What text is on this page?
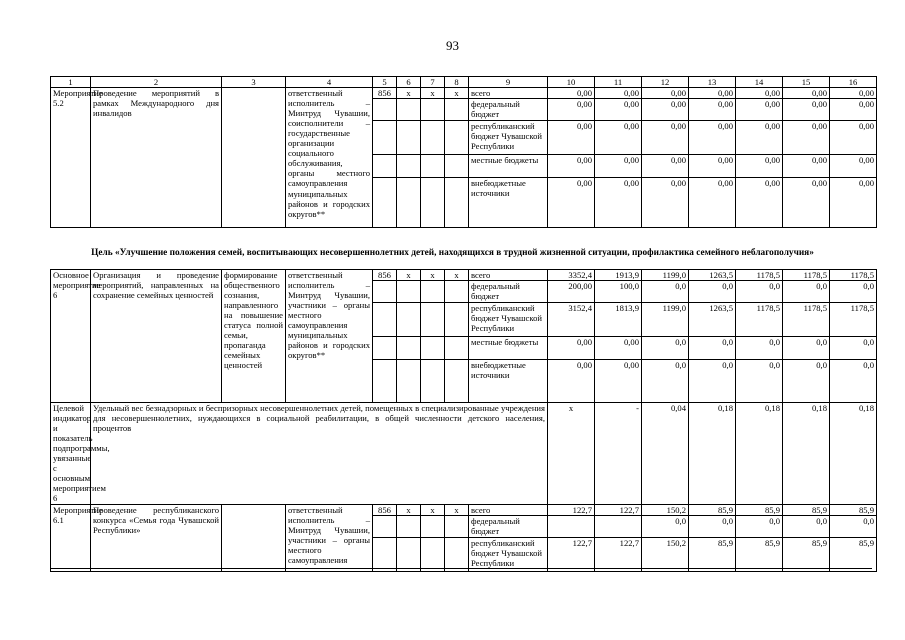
93
1	2	3	4	5	6	7	8	9	10	11	12	13	14	15	16
Мероприятие 5.2	Проведение мероприятий в рамках Международного дня инвалидов		ответственный исполнитель – Минтруд Чувашии, соисполнители – государственные организации социального обслуживания, органы местного самоуправления муниципальных районов и городских округов**	856	x	x	x	всего	0,00	0,00	0,00	0,00	0,00	0,00	0,00
								федеральный бюджет	0,00	0,00	0,00	0,00	0,00	0,00	0,00
								республиканский бюджет Чувашской Республики	0,00	0,00	0,00	0,00	0,00	0,00	0,00
								местные бюджеты	0,00	0,00	0,00	0,00	0,00	0,00	0,00
								внебюджетные источники	0,00	0,00	0,00	0,00	0,00	0,00	0,00
Цель «Улучшение положения семей, воспитывающих несовершеннолетних детей, находящихся в трудной жизненной ситуации, профилактика семейного неблагополучия»
Основное мероприятие 6	Организация и проведение мероприятий, направленных на сохранение семейных ценностей	формирование общественного сознания, направленного на повышение статуса полной семьи, пропаганда семейных ценностей	ответственный исполнитель – Минтруд Чувашии, участники – органы местного самоуправления муниципальных районов и городских округов**	856	x	x	x	всего	3352,4	1913,9	1199,0	1263,5	1178,5	1178,5	1178,5	
								федеральный бюджет	200,00	100,0	0,0	0,0	0,0	0,0	0,0	
								республиканский бюджет Чувашской Республики	3152,4	1813,9	1199,0	1263,5	1178,5	1178,5	1178,5	
								местные бюджеты	0,00	0,00	0,0	0,0	0,0	0,0	0,0	
								внебюджетные источники	0,00	0,00	0,0	0,0	0,0	0,0	0,0	
Целевой индикатор и показатель подпрограммы, увязанные с основным мероприятием 6	Удельный вес безнадзорных и беспризорных несовершеннолетних детей, помещенных в специализированные учреждения для несовершеннолетних, нуждающихся в социальной реабилитации, в общей численности детского населения, процентов								x	-	0,04	0,18	0,18	0,18	0,18	
Мероприятие 6.1	Проведение республиканского конкурса «Семья года Чувашской Республики»		ответственный исполнитель – Минтруд Чувашии, участники – органы местного самоуправления	856	x	x	x	всего	122,7	122,7	150,2	85,9	85,9	85,9	85,9	
								федеральный бюджет			0,0	0,0	0,0	0,0	0,0	
								республиканский бюджет Чувашской Республики	122,7	122,7	150,2	85,9	85,9	85,9	85,9	
